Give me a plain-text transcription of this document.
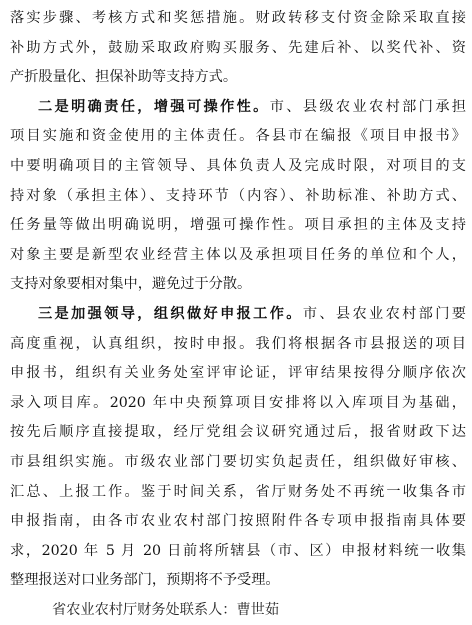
落实步骤、考核方式和奖惩措施。财政转移支付资金除采取直接
补助方式外，鼓励采取政府购买服务、先建后补、以奖代补、资
产折股量化、担保补助等支持方式。
二是明确责任，增强可操作性。市、县级农业农村部门承担
项目实施和资金使用的主体责任。各县市在编报《项目申报书》
中要明确项目的主管领导、具体负责人及完成时限，对项目的支
持对象（承担主体）、支持环节（内容）、补助标准、补助方式、
任务量等做出明确说明，增强可操作性。项目承担的主体及支持
对象主要是新型农业经营主体以及承担项目任务的单位和个人，
支持对象要相对集中，避免过于分散。
三是加强领导，组织做好申报工作。市、县农业农村部门要
高度重视，认真组织，按时申报。我们将根据各市县报送的项目
申报书，组织有关业务处室评审论证，评审结果按得分顺序依次
录入项目库。2020 年中央预算项目安排将以入库项目为基础，
按先后顺序直接提取，经厅党组会议研究通过后，报省财政下达
市县组织实施。市级农业部门要切实负起责任，组织做好审核、
汇总、上报工作。鉴于时间关系，省厅财务处不再统一收集各市
申报指南，由各市农业农村部门按照附件各专项申报指南具体要
求，2020 年 5 月 20 日前将所辖县（市、区）申报材料统一收集
整理报送对口业务部门，预期将不予受理。
省农业农村厅财务处联系人：曹世茹
